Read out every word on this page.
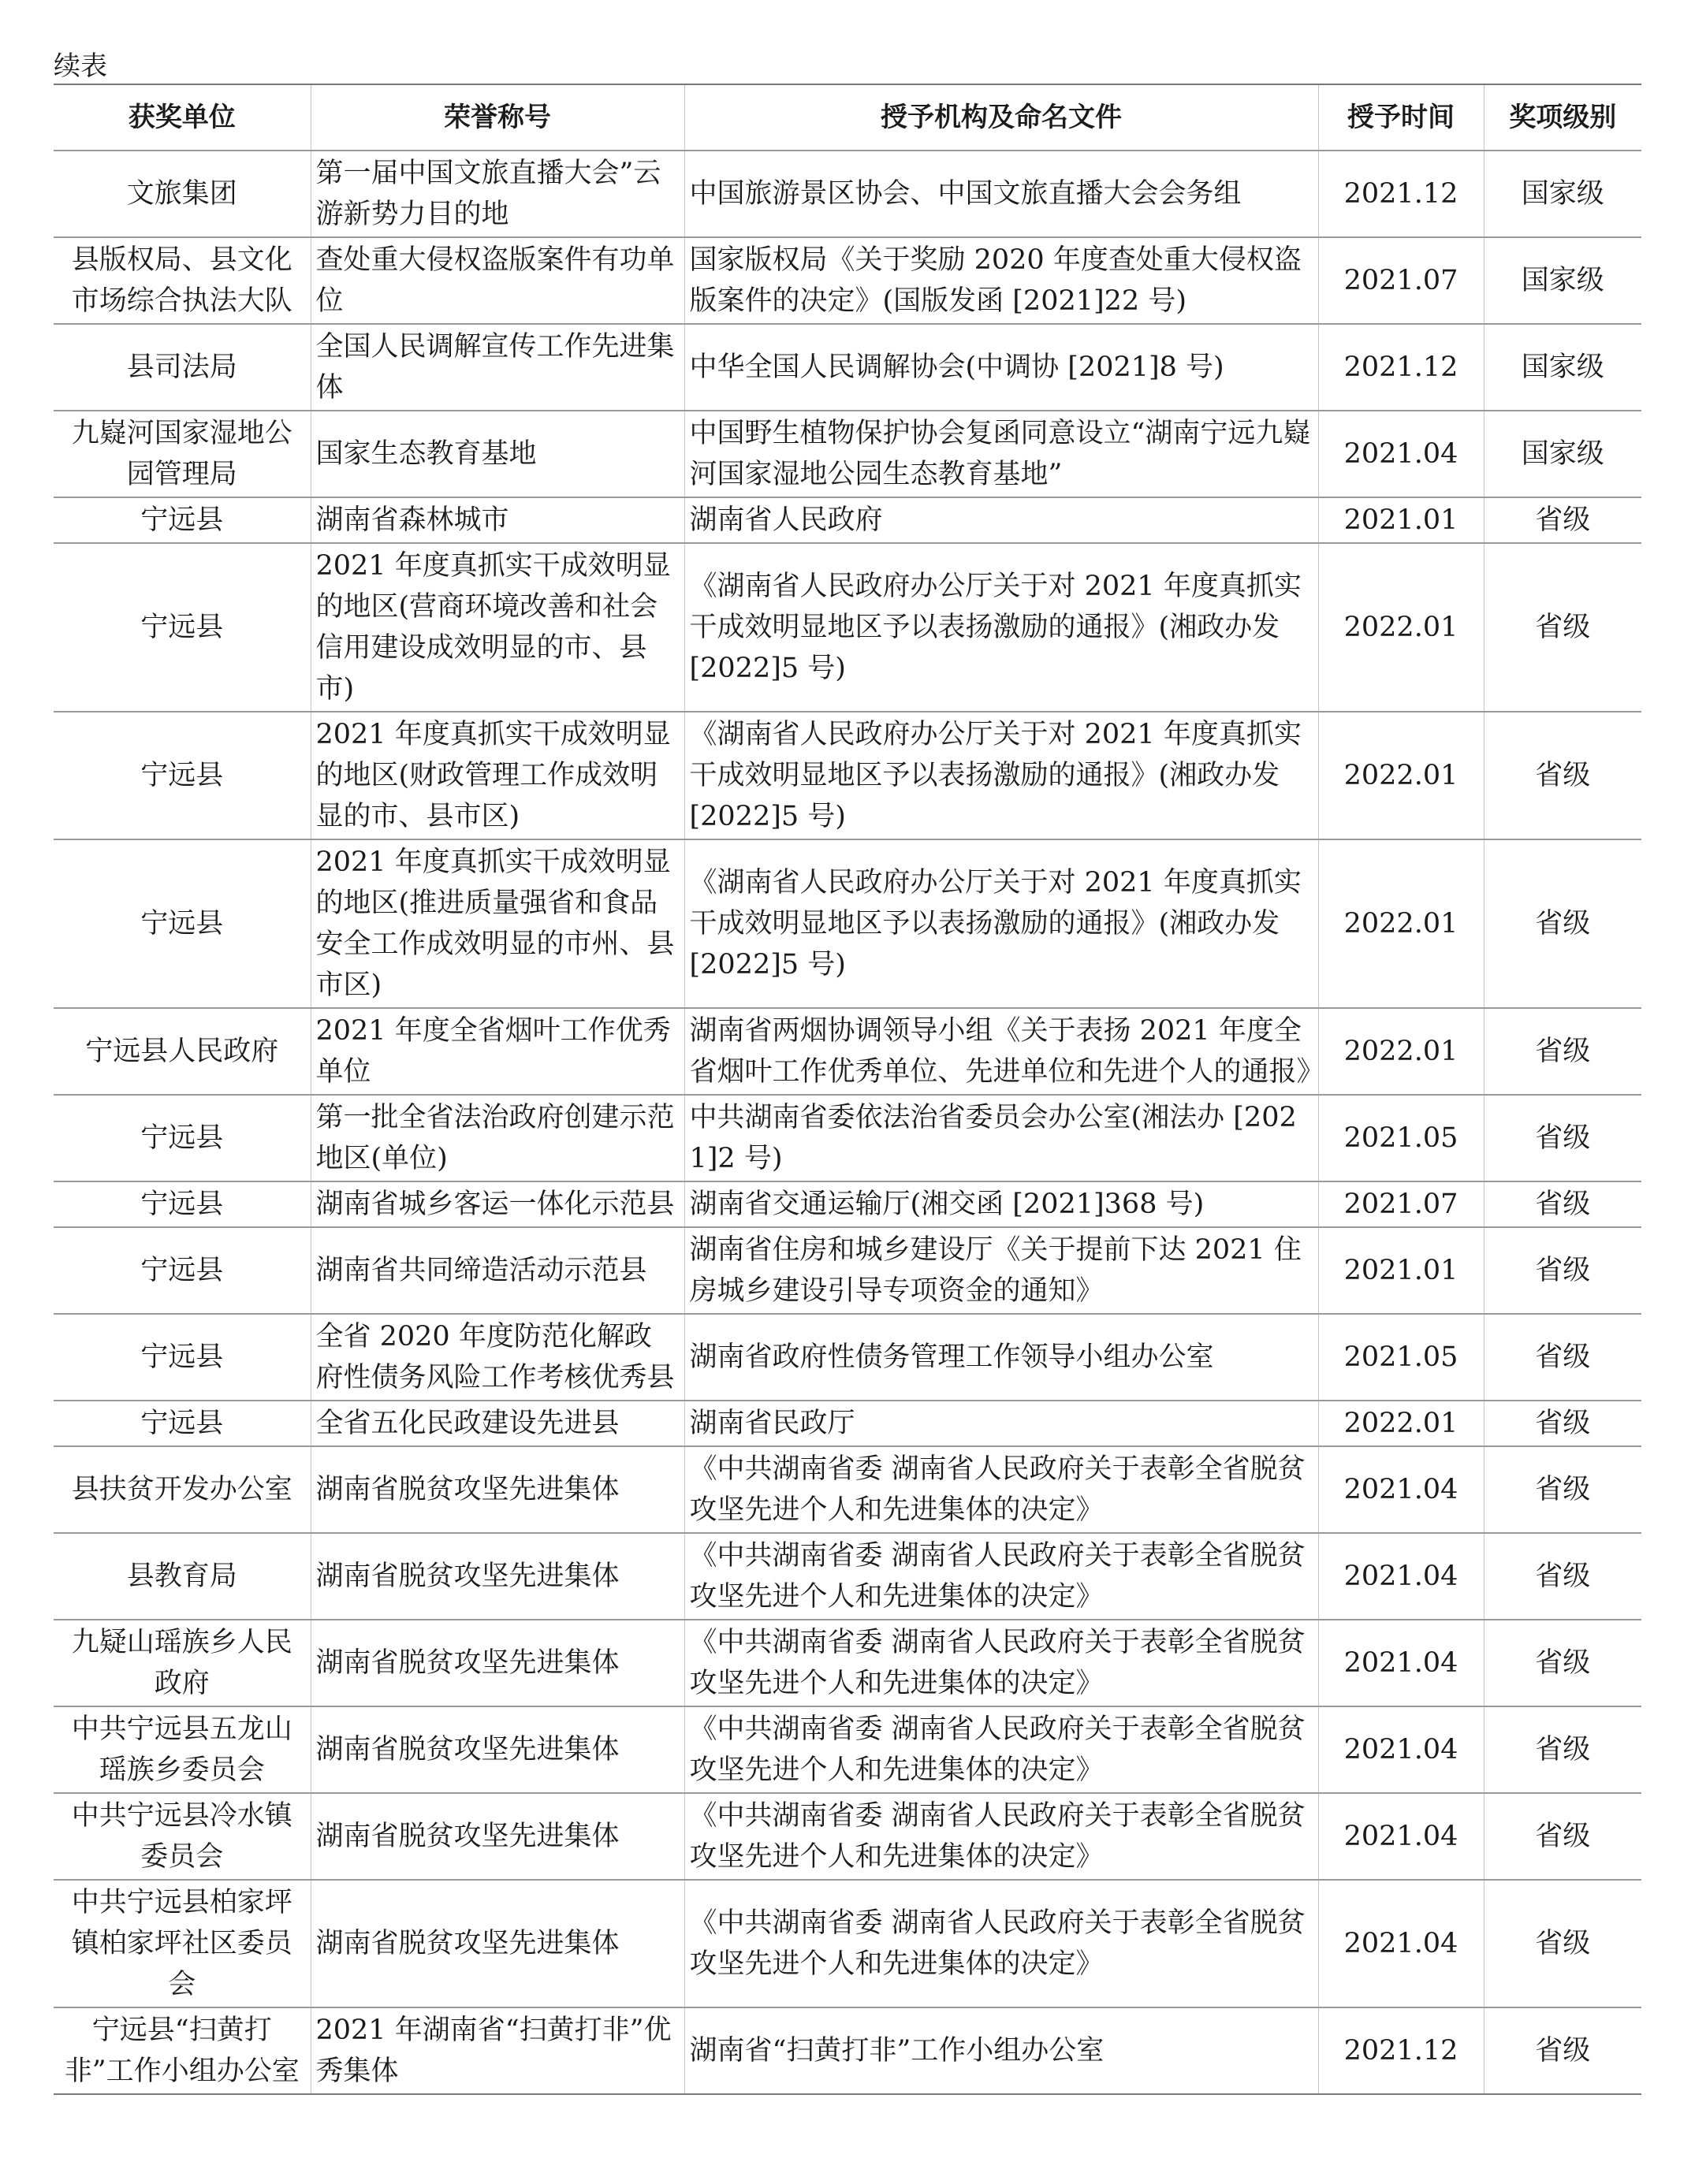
续表
获奖单位	荣誉称号	授予机构及命名文件	授予时间	奖项级别
文旅集团	第一届中国文旅直播大会”云游新势力目的地	中国旅游景区协会、中国文旅直播大会会务组	2021.12	国家级
县版权局、县文化市场综合执法大队	查处重大侵权盗版案件有功单位	国家版权局《关于奖励 2020 年度查处重大侵权盗版案件的决定》(国版发函 [2021]22 号)	2021.07	国家级
县司法局	全国人民调解宣传工作先进集体	中华全国人民调解协会(中调协 [2021]8 号)	2021.12	国家级
九嶷河国家湿地公园管理局	国家生态教育基地	中国野生植物保护协会复函同意设立“湖南宁远九嶷河国家湿地公园生态教育基地”	2021.04	国家级
宁远县	湖南省森林城市	湖南省人民政府	2021.01	省级
宁远县	2021 年度真抓实干成效明显的地区(营商环境改善和社会信用建设成效明显的市、县市)	《湖南省人民政府办公厅关于对 2021 年度真抓实干成效明显地区予以表扬激励的通报》(湘政办发 [2022]5 号)	2022.01	省级
宁远县	2021 年度真抓实干成效明显的地区(财政管理工作成效明显的市、县市区)	《湖南省人民政府办公厅关于对 2021 年度真抓实干成效明显地区予以表扬激励的通报》(湘政办发 [2022]5 号)	2022.01	省级
宁远县	2021 年度真抓实干成效明显的地区(推进质量强省和食品安全工作成效明显的市州、县市区)	《湖南省人民政府办公厅关于对 2021 年度真抓实干成效明显地区予以表扬激励的通报》(湘政办发 [2022]5 号)	2022.01	省级
宁远县人民政府	2021 年度全省烟叶工作优秀单位	湖南省两烟协调领导小组《关于表扬 2021 年度全省烟叶工作优秀单位、先进单位和先进个人的通报》	2022.01	省级
宁远县	第一批全省法治政府创建示范地区(单位)	中共湖南省委依法治省委员会办公室(湘法办 [2021]2 号)	2021.05	省级
宁远县	湖南省城乡客运一体化示范县	湖南省交通运输厅(湘交函 [2021]368 号)	2021.07	省级
宁远县	湖南省共同缔造活动示范县	湖南省住房和城乡建设厅《关于提前下达 2021 住房城乡建设引导专项资金的通知》	2021.01	省级
宁远县	全省 2020 年度防范化解政府性债务风险工作考核优秀县	湖南省政府性债务管理工作领导小组办公室	2021.05	省级
宁远县	全省五化民政建设先进县	湖南省民政厅	2022.01	省级
县扶贫开发办公室	湖南省脱贫攻坚先进集体	《中共湖南省委 湖南省人民政府关于表彰全省脱贫攻坚先进个人和先进集体的决定》	2021.04	省级
县教育局	湖南省脱贫攻坚先进集体	《中共湖南省委 湖南省人民政府关于表彰全省脱贫攻坚先进个人和先进集体的决定》	2021.04	省级
九疑山瑶族乡人民政府	湖南省脱贫攻坚先进集体	《中共湖南省委 湖南省人民政府关于表彰全省脱贫攻坚先进个人和先进集体的决定》	2021.04	省级
中共宁远县五龙山瑶族乡委员会	湖南省脱贫攻坚先进集体	《中共湖南省委 湖南省人民政府关于表彰全省脱贫攻坚先进个人和先进集体的决定》	2021.04	省级
中共宁远县冷水镇委员会	湖南省脱贫攻坚先进集体	《中共湖南省委 湖南省人民政府关于表彰全省脱贫攻坚先进个人和先进集体的决定》	2021.04	省级
中共宁远县柏家坪镇柏家坪社区委员会	湖南省脱贫攻坚先进集体	《中共湖南省委 湖南省人民政府关于表彰全省脱贫攻坚先进个人和先进集体的决定》	2021.04	省级
宁远县“扫黄打非”工作小组办公室	2021 年湖南省“扫黄打非”优秀集体	湖南省“扫黄打非”工作小组办公室	2021.12	省级
